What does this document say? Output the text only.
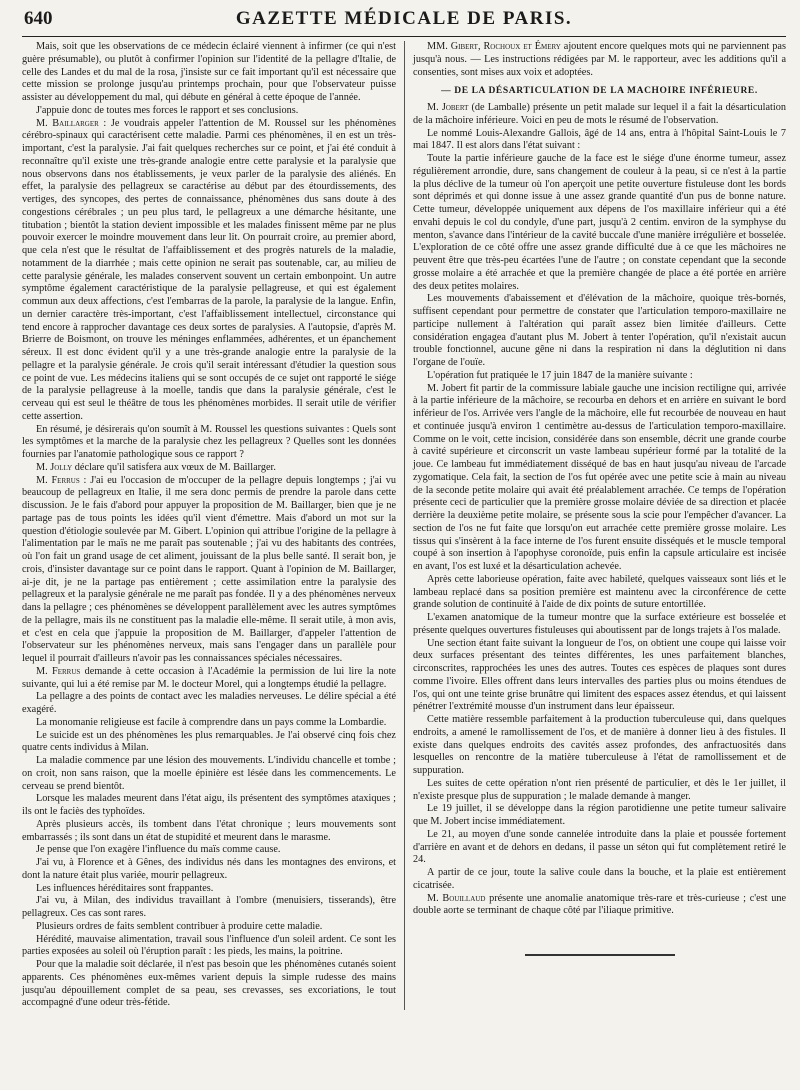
640	GAZETTE MÉDICALE DE PARIS.

Mais, soit que les observations de ce médecin éclairé viennent à infirmer (ce qui n'est guère présumable), ou plutôt à confirmer l'opinion sur l'identité de la pellagre d'Italie, de celle des Landes et du mal de la rosa, j'insiste sur ce fait important qu'il est nécessaire que cette mission se prolonge jusqu'au printemps prochain, pour que l'observateur puisse assister au développement du mal, qui débute en général à cette époque de l'année.

J'appuie donc de toutes mes forces le rapport et ses conclusions.

M. Baillarger : Je voudrais appeler l'attention de M. Roussel sur les phénomènes cérébro-spinaux qui caractérisent cette maladie. Parmi ces phénomènes, il en est un très-important, c'est la paralysie. J'ai fait quelques recherches sur ce point, et j'ai été conduit à reconnaître qu'il existe une très-grande analogie entre cette paralysie et la paralysie que nous observons dans nos établissements, je veux parler de la paralysie des aliénés. En effet, la paralysie des pellagreux se caractérise au début par des étourdissements, des vertiges, des syncopes, des pertes de connaissance, phénomènes dus sans doute à des congestions cérébrales ; un peu plus tard, le pellagreux a une démarche hésitante, une titubation ; bientôt la station devient impossible et les malades finissent même par ne plus pouvoir exercer le moindre mouvement dans leur lit. On pourrait croire, au premier abord, que cela n'est que le résultat de l'affaiblissement et des progrès naturels de la maladie, notamment de la diarrhée ; mais cette opinion ne serait pas soutenable, car, au milieu de cette paralysie générale, les malades conservent souvent un certain embonpoint. Un autre symptôme également caractéristique de la paralysie pellagreuse, et qui est également commun aux deux affections, c'est l'embarras de la parole, la paralysie de la langue. Enfin, un dernier caractère très-important, c'est l'affaiblissement intellectuel, circonstance qui tend encore à rapprocher davantage ces deux sortes de paralysies. A l'autopsie, d'après M. Brierre de Boismont, on trouve les méninges enflammées, adhérentes, et un épanchement séreux. Il est donc évident qu'il y a une très-grande analogie entre la paralysie de la pellagre et la paralysie générale. Je crois qu'il serait intéressant d'étudier la question sous ce point de vue. Les médecins italiens qui se sont occupés de ce sujet ont rapporté le siége de la paralysie pellagreuse à la moelle, tandis que dans la paralysie générale, c'est le cerveau qui est seul le théâtre de tous les phénomènes morbides. Il serait utile de vérifier cette assertion.

En résumé, je désirerais qu'on soumît à M. Roussel les questions suivantes : Quels sont les symptômes et la marche de la paralysie chez les pellagreux ? Quelles sont les données fournies par l'anatomie pathologique sous ce rapport ?

M. Jolly déclare qu'il satisfera aux vœux de M. Baillarger.

M. Ferrus : J'ai eu l'occasion de m'occuper de la pellagre depuis longtemps ; j'ai vu beaucoup de pellagreux en Italie, il me sera donc permis de prendre la parole dans cette discussion. Je le fais d'abord pour appuyer la proposition de M. Baillarger, bien que je ne partage pas de tous points les idées qu'il vient d'émettre. Mais d'abord un mot sur la question d'étiologie soulevée par M. Gibert. L'opinion qui attribue l'origine de la pellagre à l'alimentation par le maïs ne me paraît pas soutenable ; j'ai vu des habitants des contrées, où l'on fait un grand usage de cet aliment, jouissant de la plus belle santé. Il serait bon, je crois, d'insister davantage sur ce point dans le rapport. Quant à l'opinion de M. Baillarger, ai-je dit, je ne la partage pas entièrement ; cette assimilation entre la paralysie des pellagreux et la paralysie générale ne me paraît pas fondée. Il y a des phénomènes nerveux dans la pellagre ; ces phénomènes se développent parallèlement avec les autres symptômes de la pellagre, mais ils ne constituent pas la maladie elle-même. Il serait utile, à mon avis, et c'est en cela que j'appuie la proposition de M. Baillarger, d'appeler l'attention de l'observateur sur les phénomènes nerveux, mais sans l'engager dans un parallèle pour lequel il pourrait d'ailleurs n'avoir pas les connaissances spéciales nécessaires.

M. Ferrus demande à cette occasion à l'Académie la permission de lui lire la note suivante, qui lui a été remise par M. le docteur Morel, qui a longtemps étudié la pellagre.

La pellagre a des points de contact avec les maladies nerveuses. Le délire spécial a été exagéré.

La monomanie religieuse est facile à comprendre dans un pays comme la Lombardie.

Le suicide est un des phénomènes les plus remarquables. Je l'ai observé cinq fois chez quatre cents individus à Milan.

La maladie commence par une lésion des mouvements. L'individu chancelle et tombe ; on croit, non sans raison, que la moelle épinière est lésée dans les commencements. Le cerveau se prend bientôt.

Lorsque les malades meurent dans l'état aigu, ils présentent des symptômes ataxiques ; ils ont le faciès des typhoïdes.

Après plusieurs accès, ils tombent dans l'état chronique ; leurs mouvements sont embarrassés ; ils sont dans un état de stupidité et meurent dans le marasme.

Je pense que l'on exagère l'influence du maïs comme cause.

J'ai vu, à Florence et à Gênes, des individus nés dans les montagnes des environs, et dont la nature était plus variée, mourir pellagreux.

Les influences héréditaires sont frappantes.

J'ai vu, à Milan, des individus travaillant à l'ombre (menuisiers, tisserands), être pellagreux. Ces cas sont rares.

Plusieurs ordres de faits semblent contribuer à produire cette maladie.

Hérédité, mauvaise alimentation, travail sous l'influence d'un soleil ardent. Ce sont les parties exposées au soleil où l'éruption paraît : les pieds, les mains, la poitrine.

Pour que la maladie soit déclarée, il n'est pas besoin que les phénomènes cutanés soient apparents. Ces phénomènes eux-mêmes varient depuis la simple rudesse des mains jusqu'au dépouillement complet de sa peau, ses crevasses, ses excoriations, le tout accompagné d'une odeur très-fétide.

MM. Gibert, Rochoux et Émery ajoutent encore quelques mots qui ne parviennent pas jusqu'à nous. — Les instructions rédigées par M. le rapporteur, avec les additions qu'il a consenties, sont mises aux voix et adoptées.

— DE LA DÉSARTICULATION DE LA MACHOIRE INFÉRIEURE.

M. Jobert (de Lamballe) présente un petit malade sur lequel il a fait la désarticulation de la mâchoire inférieure. Voici en peu de mots le résumé de l'observation.

Le nommé Louis-Alexandre Gallois, âgé de 14 ans, entra à l'hôpital Saint-Louis le 7 mai 1847. Il est alors dans l'état suivant :

Toute la partie inférieure gauche de la face est le siége d'une énorme tumeur, assez régulièrement arrondie, dure, sans changement de couleur à la peau, si ce n'est à la partie la plus déclive de la tumeur où l'on aperçoit une petite ouverture fistuleuse dont les bords sont déprimés et qui donne issue à une assez grande quantité d'un pus de bonne nature. Cette tumeur, développée uniquement aux dépens de l'os maxillaire inférieur qui a été envahi depuis le col du condyle, d'une part, jusqu'à 2 centim. environ de la symphyse du menton, s'avance dans l'intérieur de la cavité buccale d'une manière irrégulière et bosselée. L'exploration de ce côté offre une assez grande difficulté due à ce que les mâchoires ne peuvent être que très-peu écartées l'une de l'autre ; on constate cependant que la seconde grosse molaire a été arrachée et que la première changée de place a été portée en arrière des deux petites molaires.

Les mouvements d'abaissement et d'élévation de la mâchoire, quoique très-bornés, suffisent cependant pour permettre de constater que l'articulation temporo-maxillaire ne participe nullement à l'altération qui paraît assez bien limitée d'ailleurs. Cette considération engagea d'autant plus M. Jobert à tenter l'opération, qu'il n'existait aucun trouble fonctionnel, aucune gêne ni dans la respiration ni dans la déglutition ni dans l'organe de l'ouïe.

L'opération fut pratiquée le 17 juin 1847 de la manière suivante :

M. Jobert fit partir de la commissure labiale gauche une incision rectiligne qui, arrivée à la partie inférieure de la mâchoire, se recourba en dehors et en arrière en suivant le bord inférieur de l'os. Arrivée vers l'angle de la mâchoire, elle fut recourbée de nouveau en haut et continuée jusqu'à environ 1 centimètre au-dessus de l'articulation temporo-maxillaire. Comme on le voit, cette incision, considérée dans son ensemble, décrit une grande courbe à cavité supérieure et circonscrit un vaste lambeau supérieur formé par la totalité de la joue. Ce lambeau fut immédiatement disséqué de bas en haut jusqu'au niveau de l'arcade zygomatique. Cela fait, la section de l'os fut opérée avec une petite scie à main au niveau de la seconde petite molaire qui avait été préalablement arrachée. Ce temps de l'opération présente ceci de particulier que la première grosse molaire déviée de sa direction et placée derrière la deuxième petite molaire, se présente sous la scie pour l'empêcher d'avancer. La section de l'os ne fut faite que lorsqu'on eut arrachée cette première grosse molaire. Les tissus qui s'insèrent à la face interne de l'os furent ensuite disséqués et le muscle temporal coupé à son insertion à l'apophyse coronoïde, puis enfin la capsule articulaire est incisée en avant, l'os est luxé et la désarticulation achevée.

Après cette laborieuse opération, faite avec habileté, quelques vaisseaux sont liés et le lambeau replacé dans sa position première est maintenu avec la circonférence de cette grande solution de continuité à l'aide de dix points de suture entortillée.

L'examen anatomique de la tumeur montre que la surface extérieure est bosselée et présente quelques ouvertures fistuleuses qui aboutissent par de longs trajets à l'os malade.

Une section étant faite suivant la longueur de l'os, on obtient une coupe qui laisse voir deux surfaces présentant des teintes différentes, les unes parfaitement blanches, circonscrites, rapprochées les unes des autres. Toutes ces espèces de plaques sont dures comme l'ivoire. Elles offrent dans leurs intervalles des parties plus ou moins étendues de l'os, qui ont une teinte grise brunâtre qui limitent des espaces assez étendus, et qui laissent pénétrer l'extrémité mousse d'un instrument dans leur épaisseur.

Cette matière ressemble parfaitement à la production tuberculeuse qui, dans quelques endroits, a amené le ramollissement de l'os, et de manière à donner lieu à des fistules. Il existe dans quelques endroits des cavités assez profondes, des anfractuosités dans lesquelles on rencontre de la matière tuberculeuse à l'état de ramollissement et de suppuration.

Les suites de cette opération n'ont rien présenté de particulier, et dès le 1er juillet, il n'existe presque plus de suppuration ; le malade demande à manger.

Le 19 juillet, il se développe dans la région parotidienne une petite tumeur salivaire que M. Jobert incise immédiatement.

Le 21, au moyen d'une sonde cannelée introduite dans la plaie et poussée fortement d'arrière en avant et de dehors en dedans, il passe un séton qui fut complètement retiré le 24.

A partir de ce jour, toute la salive coule dans la bouche, et la plaie est entièrement cicatrisée.

M. Bouillaud présente une anomalie anatomique très-rare et très-curieuse ; c'est une double aorte se terminant de chaque côté par l'iliaque primitive.
